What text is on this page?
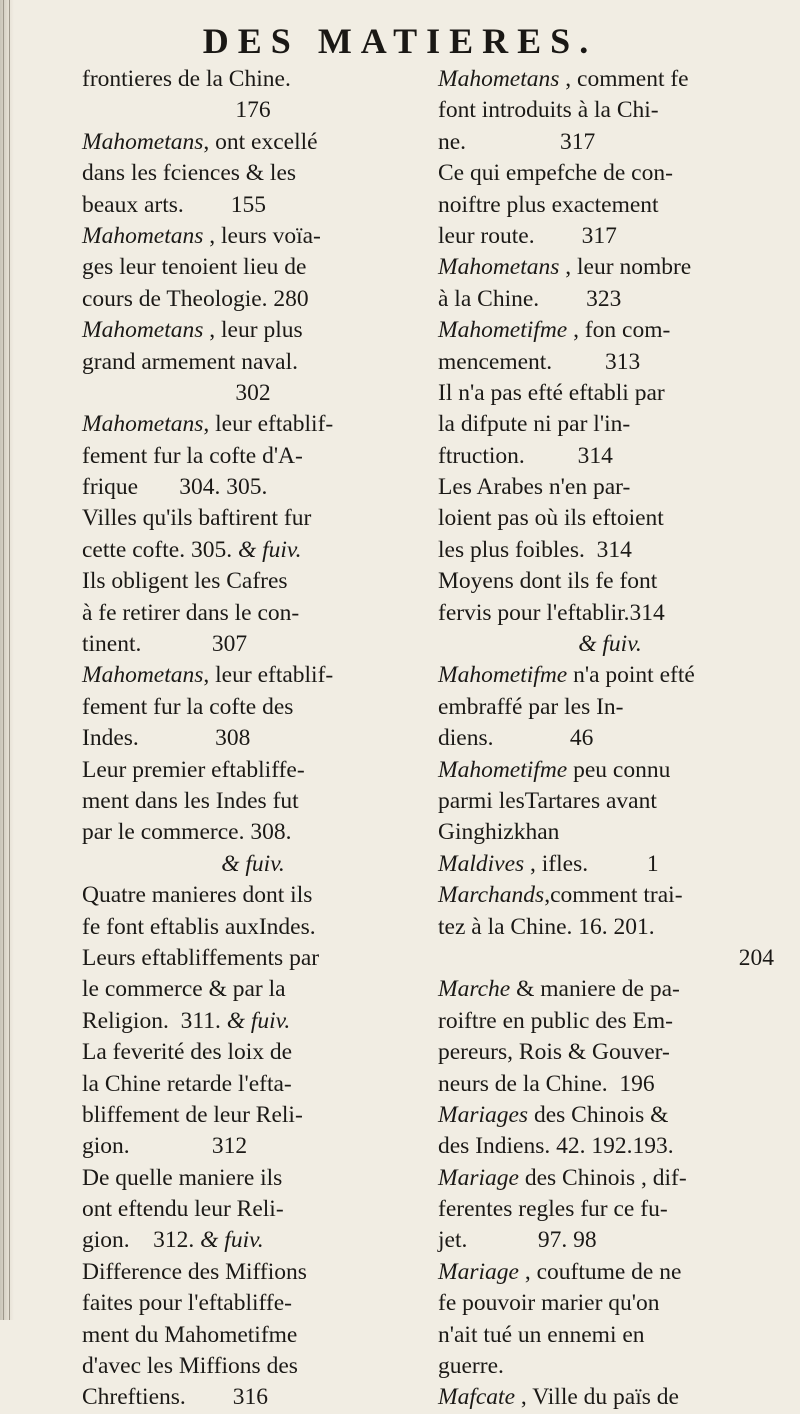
DES MATIERES.
frontieres de la Chine.
176
Mahometans, ont excellé
dans les fciences & les
beaux arts.        155
Mahometans , leurs voïa-
ges leur tenoient lieu de
cours de Theologie. 280
Mahometans , leur plus
grand armement naval.
302
Mahometans, leur eftablif-
fement fur la cofte d'A-
frique       304. 305.
Villes qu'ils baftirent fur
cette cofte. 305. & fuiv.
Ils obligent les Cafres
à fe retirer dans le con-
tinent.            307
Mahometans, leur eftablif-
fement fur la cofte des
Indes.             308
Leur premier eftabliffe-
ment dans les Indes fut
par le commerce. 308.
& fuiv.
Quatre manieres dont ils
fe font eftablis auxIndes.
Leurs eftabliffements par
le commerce & par la
Religion.  311. & fuiv.
La feverité des loix de
la Chine retarde l'efta-
bliffement de leur Reli-
gion.              312
De quelle maniere ils
ont eftendu leur Reli-
gion.    312. & fuiv.
Difference des Miffions
faites pour l'eftabliffe-
ment du Mahometifme
d'avec les Miffions des
Chreftiens.        316
Mahometans , comment fe
font introduits à la Chi-
ne.                317
Ce qui empefche de con-
noiftre plus exactement
leur route.        317
Mahometans , leur nombre
à la Chine.        323
Mahometifme , fon com-
mencement.         313
Il n'a pas efté eftabli par
la difpute ni par l'in-
ftruction.         314
Les Arabes n'en par-
loient pas où ils eftoient
les plus foibles.  314
Moyens dont ils fe font
fervis pour l'eftablir.314
& fuiv.
Mahometifme n'a point efté
embraffé par les In-
diens.             46
Mahometifme peu connu
parmi lesTartares avant
Ginghizkhan
Maldives , ifles.          1
Marchands,comment trai-
tez à la Chine. 16. 201.
204
Marche & maniere de pa-
roiftre en public des Em-
pereurs, Rois & Gouver-
neurs de la Chine.  196
Mariages des Chinois &
des Indiens. 42. 192.193.
Mariage des Chinois , dif-
ferentes regles fur ce fu-
jet.            97. 98
Mariage , couftume de ne
fe pouvoir marier qu'on
n'ait tué un ennemi en
guerre.
Mafcate , Ville du païs de
